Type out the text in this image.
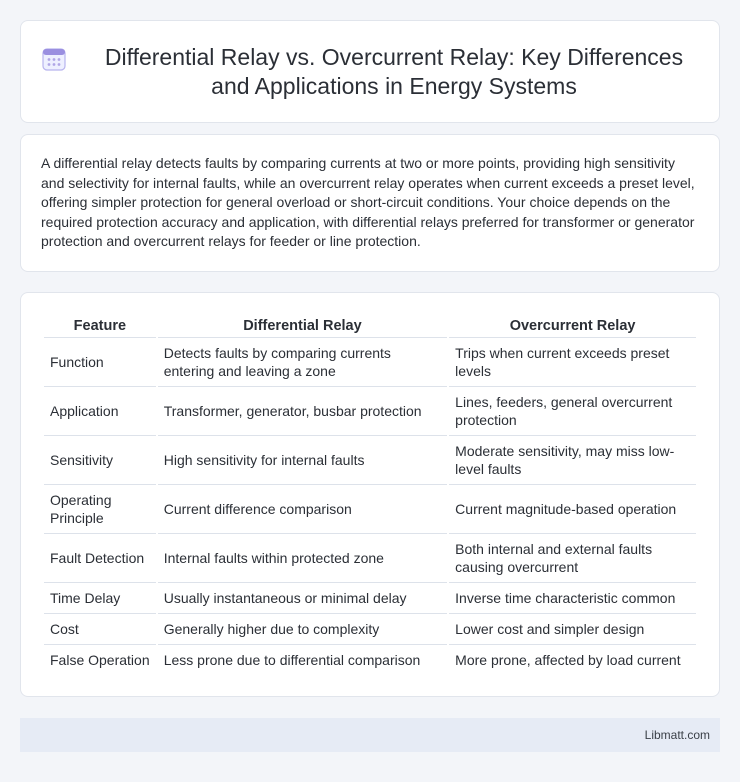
Differential Relay vs. Overcurrent Relay: Key Differences and Applications in Energy Systems

A differential relay detects faults by comparing currents at two or more points, providing high sensitivity and selectivity for internal faults, while an overcurrent relay operates when current exceeds a preset level, offering simpler protection for general overload or short-circuit conditions. Your choice depends on the required protection accuracy and application, with differential relays preferred for transformer or generator protection and overcurrent relays for feeder or line protection.

Feature	Differential Relay	Overcurrent Relay
Function	Detects faults by comparing currents entering and leaving a zone	Trips when current exceeds preset levels
Application	Transformer, generator, busbar protection	Lines, feeders, general overcurrent protection
Sensitivity	High sensitivity for internal faults	Moderate sensitivity, may miss low-level faults
Operating Principle	Current difference comparison	Current magnitude-based operation
Fault Detection	Internal faults within protected zone	Both internal and external faults causing overcurrent
Time Delay	Usually instantaneous or minimal delay	Inverse time characteristic common
Cost	Generally higher due to complexity	Lower cost and simpler design
False Operation	Less prone due to differential comparison	More prone, affected by load current
Libmatt.com
